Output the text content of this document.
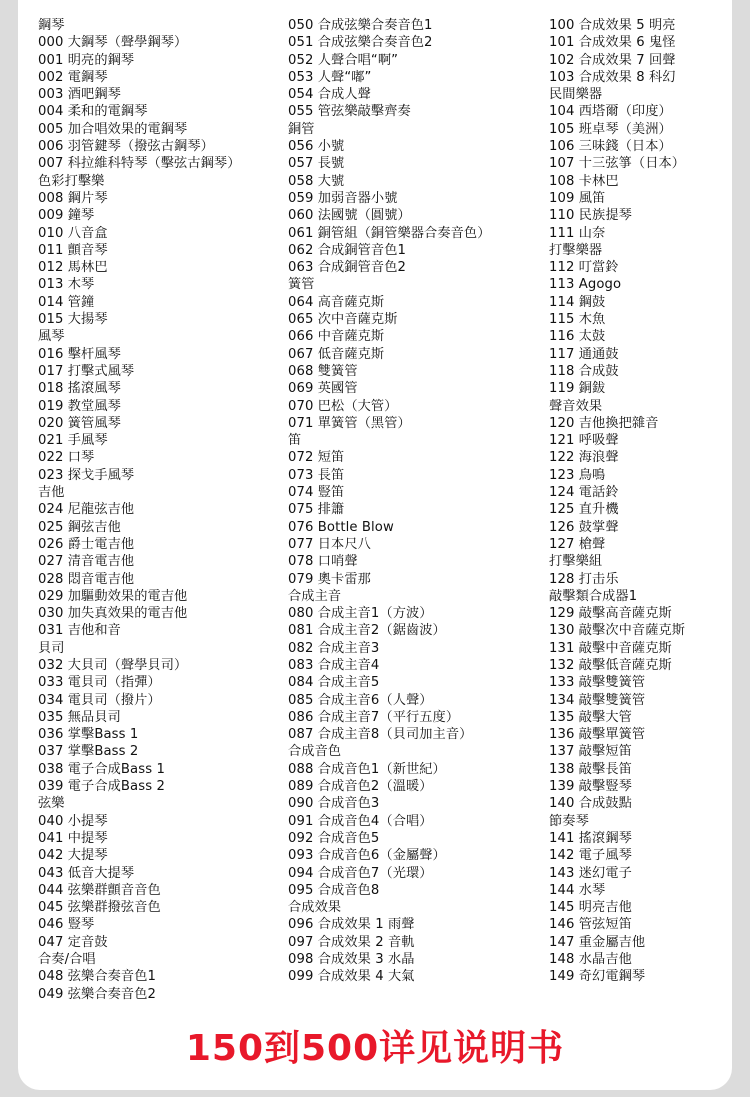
鋼琴
000 大鋼琴（聲學鋼琴）
001 明亮的鋼琴
002 電鋼琴
003 酒吧鋼琴
004 柔和的電鋼琴
005 加合唱效果的電鋼琴
006 羽管鍵琴（撥弦古鋼琴）
007 科拉維科特琴（擊弦古鋼琴）
色彩打擊樂
008 鋼片琴
009 鐘琴
010 八音盒
011 顫音琴
012 馬林巴
013 木琴
014 管鐘
015 大揚琴
風琴
016 擊杆風琴
017 打擊式風琴
018 搖滾風琴
019 教堂風琴
020 簧管風琴
021 手風琴
022 口琴
023 探戈手風琴
吉他
024 尼龍弦吉他
025 鋼弦吉他
026 爵士電吉他
027 清音電吉他
028 悶音電吉他
029 加驅動效果的電吉他
030 加失真效果的電吉他
031 吉他和音
貝司
032 大貝司（聲學貝司）
033 電貝司（指彈）
034 電貝司（撥片）
035 無品貝司
036 掌擊Bass 1
037 掌擊Bass 2
038 電子合成Bass 1
039 電子合成Bass 2
弦樂
040 小提琴
041 中提琴
042 大提琴
043 低音大提琴
044 弦樂群顫音音色
045 弦樂群撥弦音色
046 豎琴
047 定音鼓
合奏/合唱
048 弦樂合奏音色1
049 弦樂合奏音色2
050 合成弦樂合奏音色1
051 合成弦樂合奏音色2
052 人聲合唱“啊”
053 人聲“嘟”
054 合成人聲
055 管弦樂敲擊齊奏
銅管
056 小號
057 長號
058 大號
059 加弱音器小號
060 法國號（圓號）
061 銅管組（銅管樂器合奏音色）
062 合成銅管音色1
063 合成銅管音色2
簧管
064 高音薩克斯
065 次中音薩克斯
066 中音薩克斯
067 低音薩克斯
068 雙簧管
069 英國管
070 巴松（大管）
071 單簧管（黑管）
笛
072 短笛
073 長笛
074 豎笛
075 排簫
076 Bottle Blow
077 日本尺八
078 口哨聲
079 奧卡雷那
合成主音
080 合成主音1（方波）
081 合成主音2（鋸齒波）
082 合成主音3
083 合成主音4
084 合成主音5
085 合成主音6（人聲）
086 合成主音7（平行五度）
087 合成主音8（貝司加主音）
合成音色
088 合成音色1（新世紀）
089 合成音色2（溫暖）
090 合成音色3
091 合成音色4（合唱）
092 合成音色5
093 合成音色6（金屬聲）
094 合成音色7（光環）
095 合成音色8
合成效果
096 合成效果 1 雨聲
097 合成效果 2 音軌
098 合成效果 3 水晶
099 合成效果 4 大氣
100 合成效果 5 明亮
101 合成效果 6 鬼怪
102 合成效果 7 回聲
103 合成效果 8 科幻
民間樂器
104 西塔爾（印度）
105 班卓琴（美洲）
106 三味錢（日本）
107 十三弦箏（日本）
108 卡林巴
109 風笛
110 民族提琴
111 山奈
打擊樂器
112 叮當鈴
113 Agogo
114 鋼鼓
115 木魚
116 太鼓
117 通通鼓
118 合成鼓
119 銅鈸
聲音效果
120 吉他換把雜音
121 呼吸聲
122 海浪聲
123 鳥鳴
124 電話鈴
125 直升機
126 鼓掌聲
127 槍聲
打擊樂組
128 打击乐
敲擊類合成器1
129 敲擊高音薩克斯
130 敲擊次中音薩克斯
131 敲擊中音薩克斯
132 敲擊低音薩克斯
133 敲擊雙簧管
134 敲擊雙簧管
135 敲擊大管
136 敲擊單簧管
137 敲擊短笛
138 敲擊長笛
139 敲擊豎琴
140 合成鼓點
節奏琴
141 搖滾鋼琴
142 電子風琴
143 迷幻電子
144 水琴
145 明亮吉他
146 管弦短笛
147 重金屬吉他
148 水晶吉他
149 奇幻電鋼琴
150到500详见说明书
